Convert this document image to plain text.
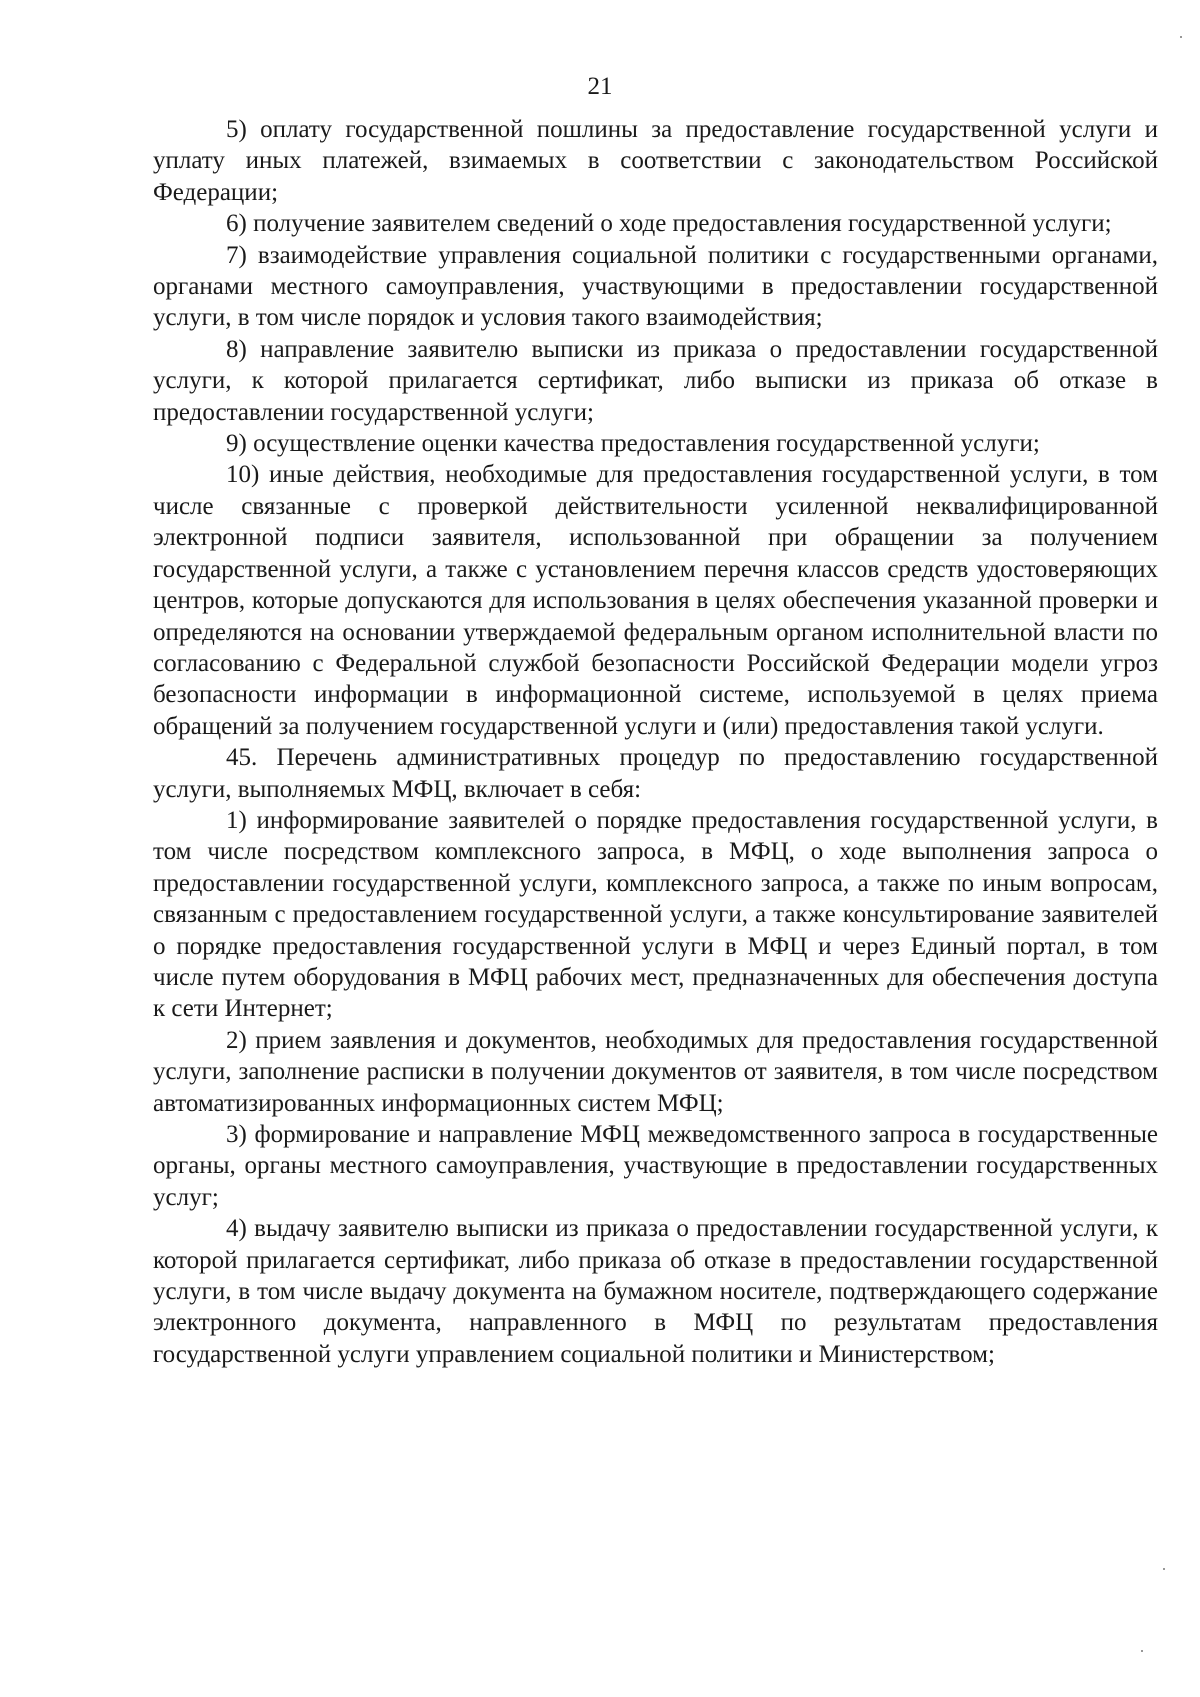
21

5) оплату государственной пошлины за предоставление государственной услуги и уплату иных платежей, взимаемых в соответствии с законодательством Российской Федерации;

6) получение заявителем сведений о ходе предоставления государственной услуги;

7) взаимодействие управления социальной политики с государственными органами, органами местного самоуправления, участвующими в предоставлении государственной услуги, в том числе порядок и условия такого взаимодействия;

8) направление заявителю выписки из приказа о предоставлении государственной услуги, к которой прилагается сертификат, либо выписки из приказа об отказе в предоставлении государственной услуги;

9) осуществление оценки качества предоставления государственной услуги;

10) иные действия, необходимые для предоставления государственной услуги, в том числе связанные с проверкой действительности усиленной неквалифицированной электронной подписи заявителя, использованной при обращении за получением государственной услуги, а также с установлением перечня классов средств удостоверяющих центров, которые допускаются для использования в целях обеспечения указанной проверки и определяются на основании утверждаемой федеральным органом исполнительной власти по согласованию с Федеральной службой безопасности Российской Федерации модели угроз безопасности информации в информационной системе, используемой в целях приема обращений за получением государственной услуги и (или) предоставления такой услуги.

45. Перечень административных процедур по предоставлению государственной услуги, выполняемых МФЦ, включает в себя:

1) информирование заявителей о порядке предоставления государственной услуги, в том числе посредством комплексного запроса, в МФЦ, о ходе выполнения запроса о предоставлении государственной услуги, комплексного запроса, а также по иным вопросам, связанным с предоставлением государственной услуги, а также консультирование заявителей о порядке предоставления государственной услуги в МФЦ и через Единый портал, в том числе путем оборудования в МФЦ рабочих мест, предназначенных для обеспечения доступа к сети Интернет;

2) прием заявления и документов, необходимых для предоставления государственной услуги, заполнение расписки в получении документов от заявителя, в том числе посредством автоматизированных информационных систем МФЦ;

3) формирование и направление МФЦ межведомственного запроса в государственные органы, органы местного самоуправления, участвующие в предоставлении государственных услуг;

4) выдачу заявителю выписки из приказа о предоставлении государственной услуги, к которой прилагается сертификат, либо приказа об отказе в предоставлении государственной услуги, в том числе выдачу документа на бумажном носителе, подтверждающего содержание электронного документа, направленного в МФЦ по результатам предоставления государственной услуги управлением социальной политики и Министерством;
